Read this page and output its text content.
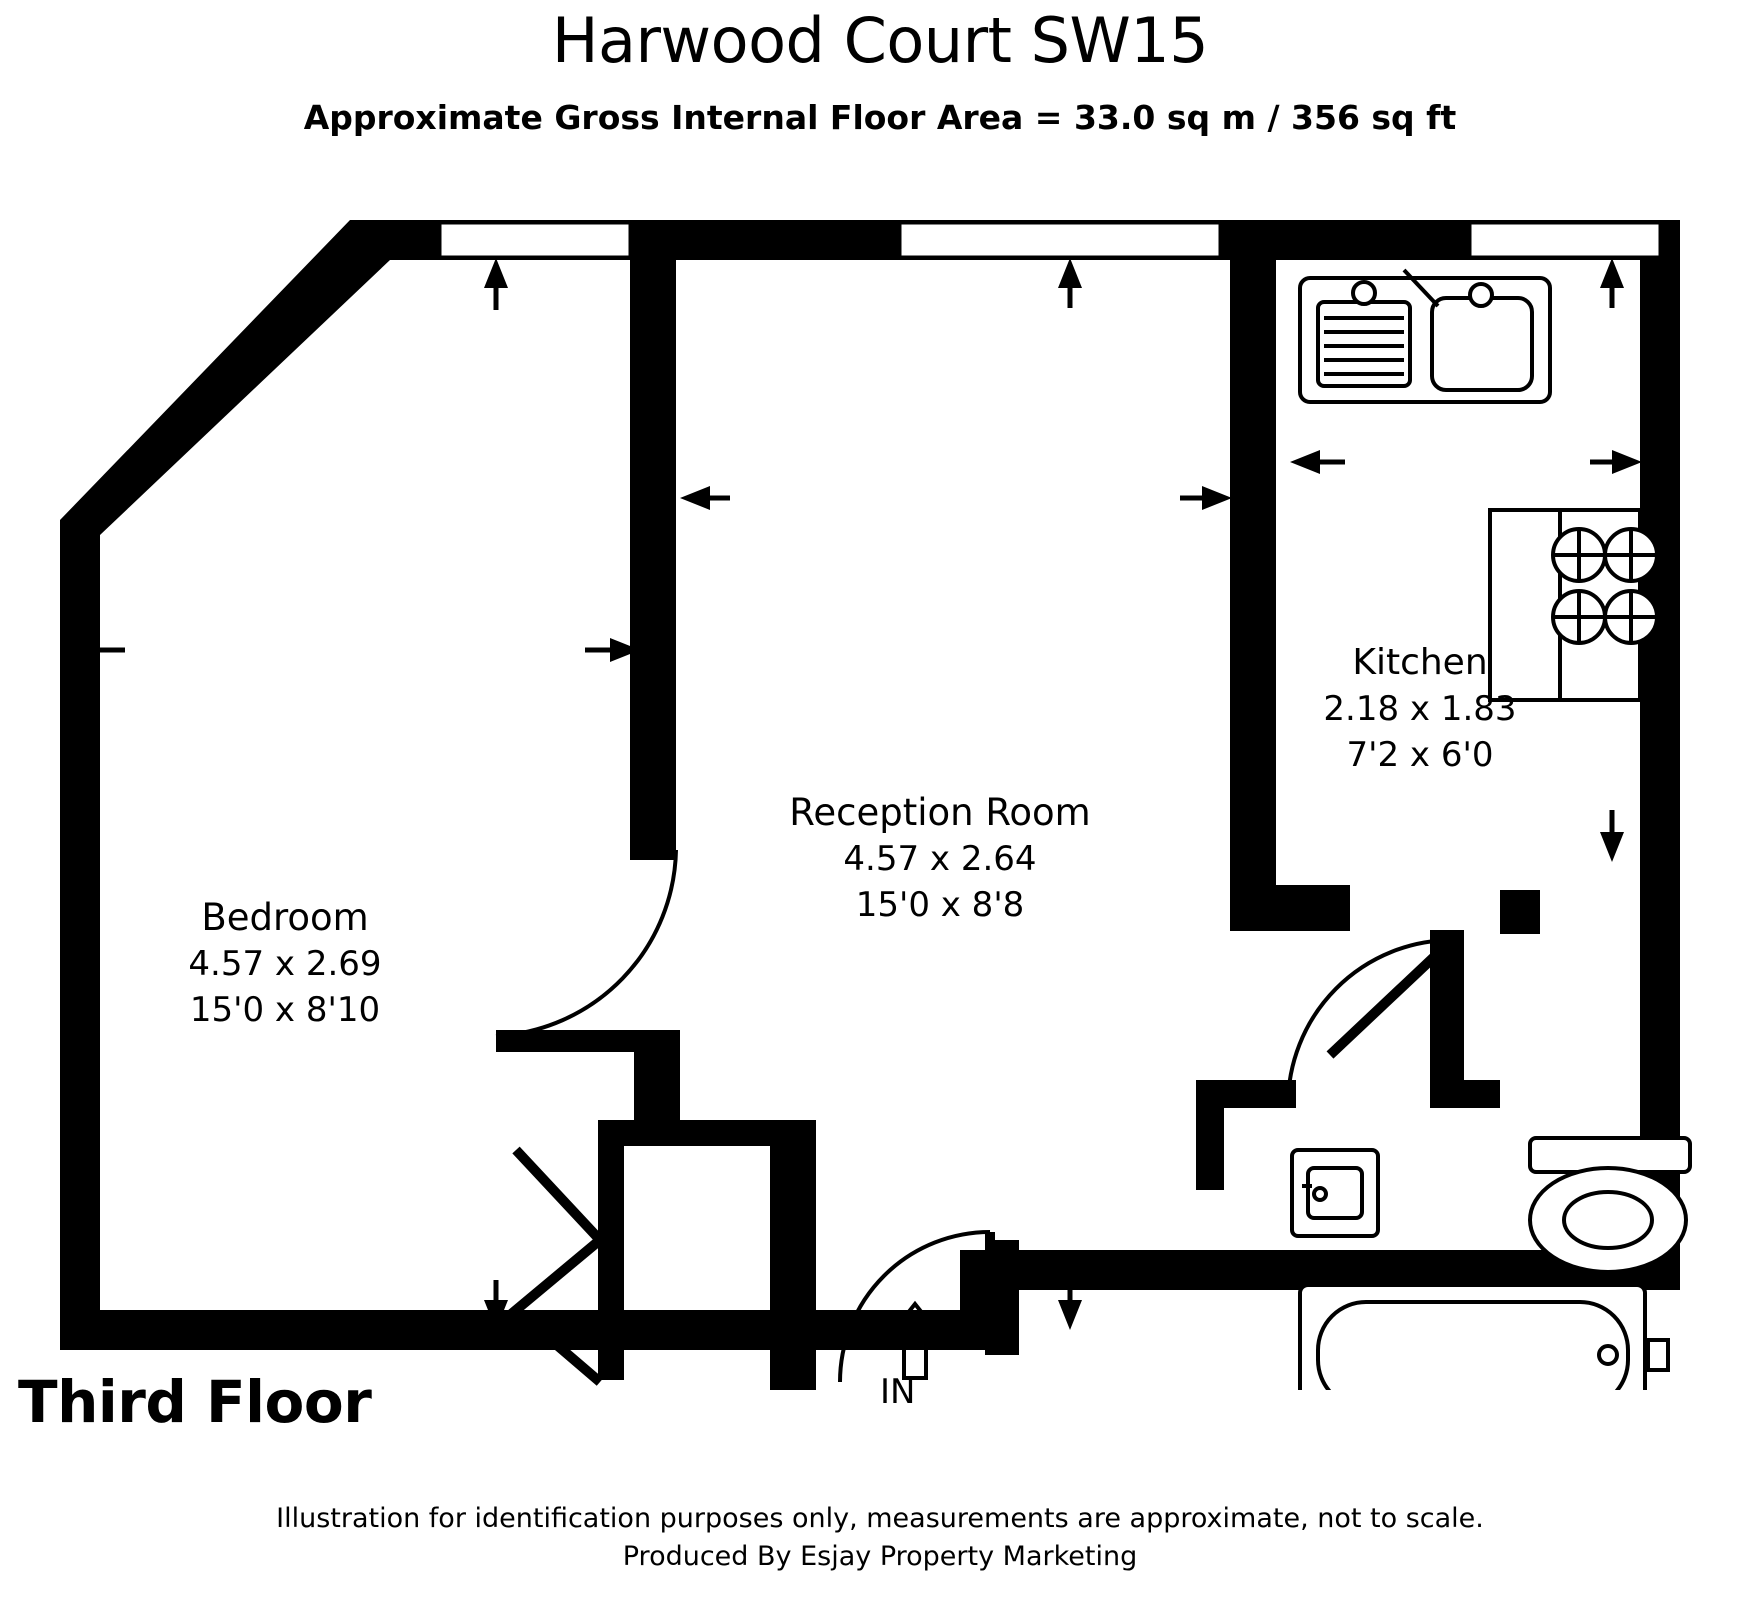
Harwood Court SW15
Approximate Gross Internal Floor Area = 33.0 sq m / 356 sq ft
Bedroom
4.57 x 2.69
15'0 x 8'10
Reception Room
4.57 x 2.64
15'0 x 8'8
Kitchen
2.18 x 1.83
7'2 x 6'0
IN
Third Floor
Illustration for identification purposes only, measurements are approximate, not to scale.
Produced By Esjay Property Marketing
